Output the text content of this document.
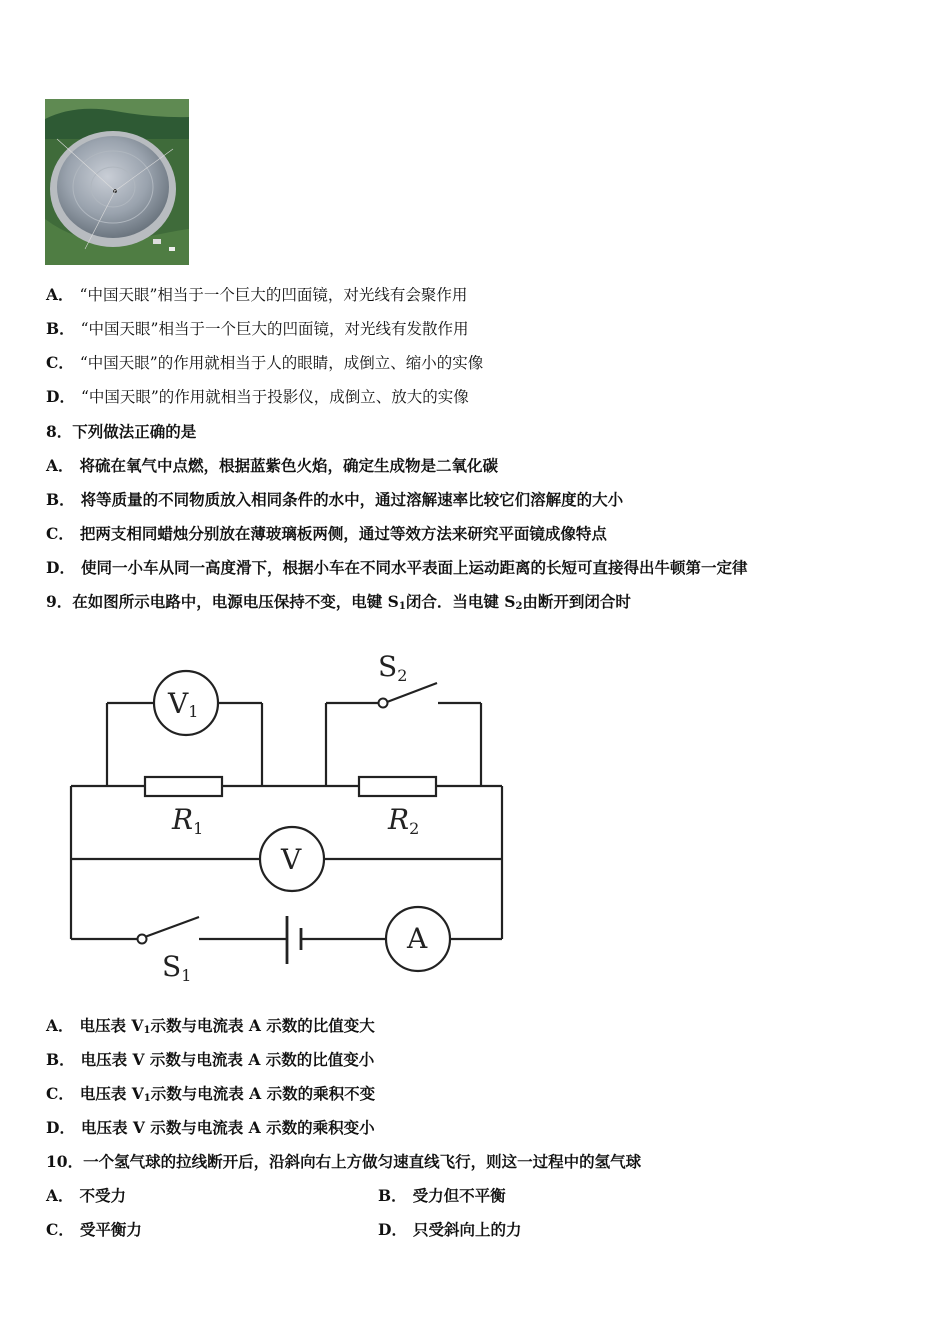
A． “中国天眼”相当于一个巨大的凹面镜，对光线有会聚作用
B． “中国天眼”相当于一个巨大的凹面镜，对光线有发散作用
C． “中国天眼”的作用就相当于人的眼睛，成倒立、缩小的实像
D． “中国天眼”的作用就相当于投影仪，成倒立、放大的实像
8．下列做法正确的是
A． 将硫在氧气中点燃，根据蓝紫色火焰，确定生成物是二氧化碳
B． 将等质量的不同物质放入相同条件的水中，通过溶解速率比较它们溶解度的大小
C． 把两支相同蜡烛分别放在薄玻璃板两侧，通过等效方法来研究平面镜成像特点
D． 使同一小车从同一高度滑下，根据小车在不同水平表面上运动距离的长短可直接得出牛顿第一定律
9．在如图所示电路中，电源电压保持不变，电键 $S_1$闭合．当电键 $S_2$由断开到闭合时
V1
V
A
S2
S1
R1	R2
A． 电压表 $V_1$示数与电流表 A 示数的比值变大
B． 电压表 V 示数与电流表 A 示数的比值变小
C． 电压表 $V_1$示数与电流表 A 示数的乘积不变
D． 电压表 V 示数与电流表 A 示数的乘积变小
10．一个氢气球的拉线断开后，沿斜向右上方做匀速直线飞行，则这一过程中的氢气球
A． 不受力	B． 受力但不平衡
C． 受平衡力	D． 只受斜向上的力
